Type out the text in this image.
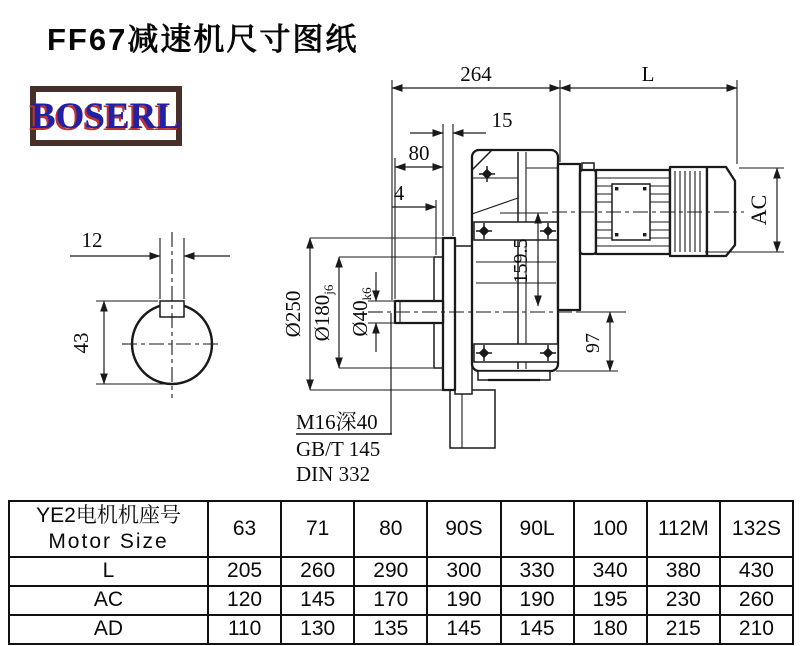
FF67减速机尺寸图纸
BOSERL
12
43
264	L
15
80
4
AC
Ø250 Ø180j6
Ø40k6
159.5
97
M16深40
GB/T 145
DIN 332
YE2电机机座号
Motor Size	63	71	80	90S	90L	100	112M	132S
L	205	260	290	300	330	340	380	430
AC	120	145	170	190	190	195	230	260
AD	110	130	135	145	145	180	215	210
